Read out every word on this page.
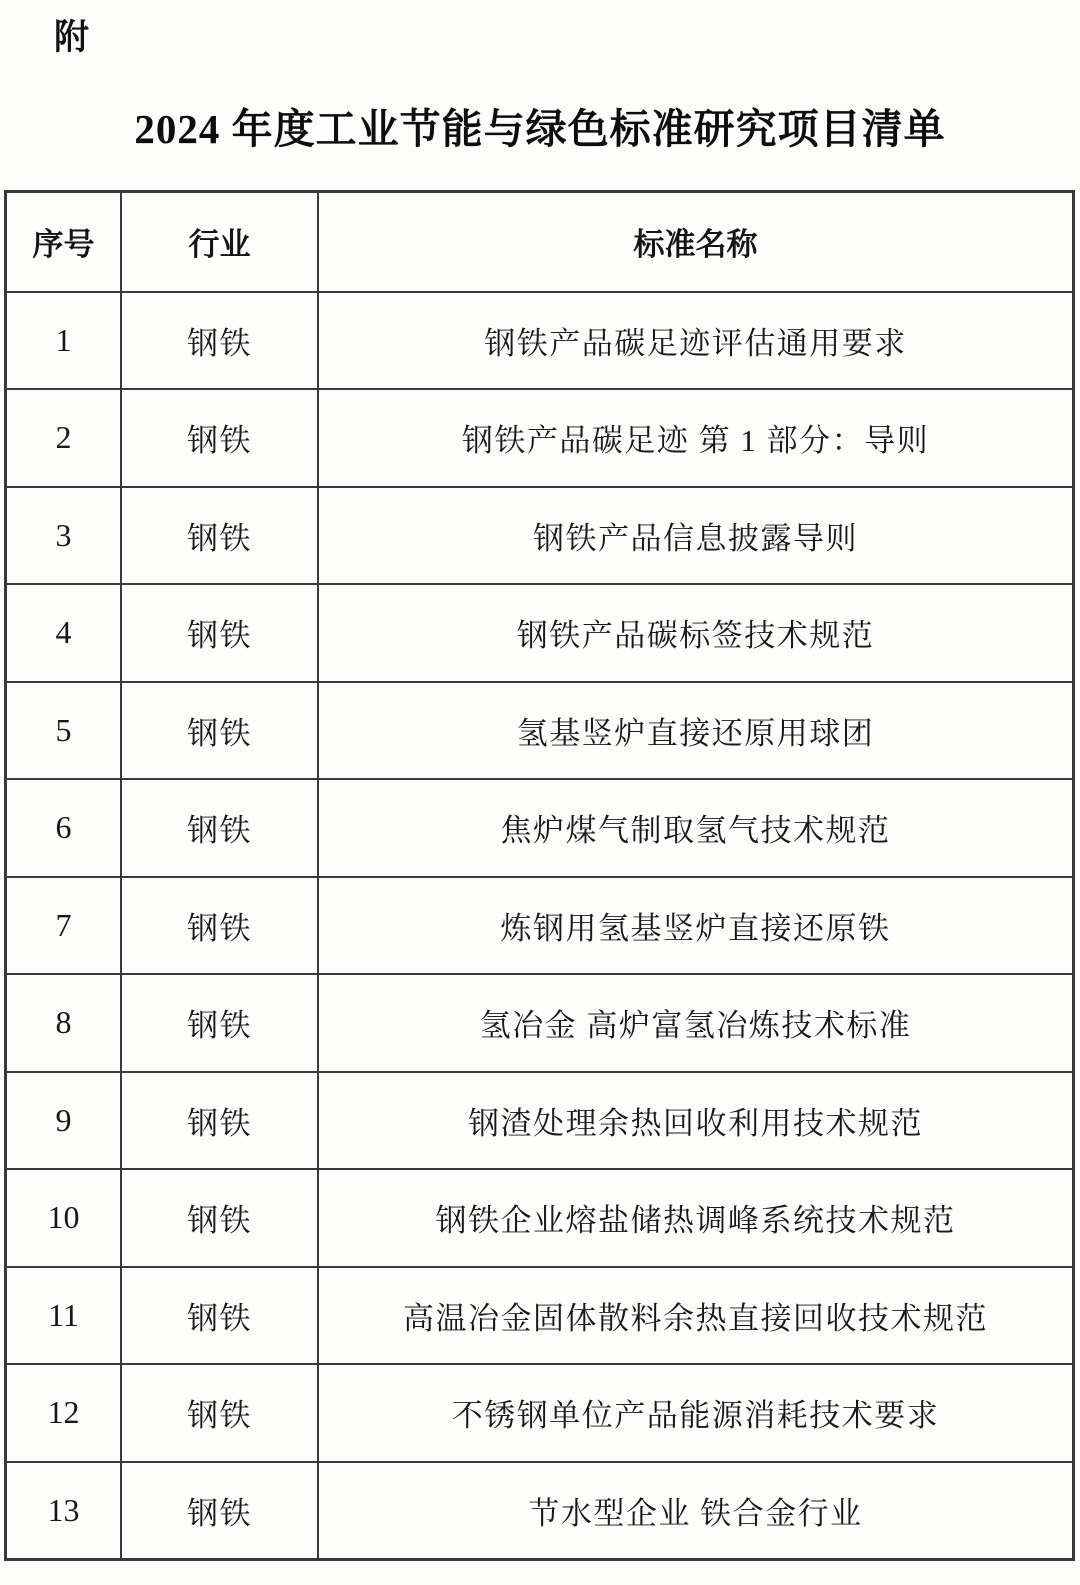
附
2024 年度工业节能与绿色标准研究项目清单
序号	行业	标准名称
1	钢铁	钢铁产品碳足迹评估通用要求
2	钢铁	钢铁产品碳足迹 第 1 部分：导则
3	钢铁	钢铁产品信息披露导则
4	钢铁	钢铁产品碳标签技术规范
5	钢铁	氢基竖炉直接还原用球团
6	钢铁	焦炉煤气制取氢气技术规范
7	钢铁	炼钢用氢基竖炉直接还原铁
8	钢铁	氢冶金 高炉富氢冶炼技术标准
9	钢铁	钢渣处理余热回收利用技术规范
10	钢铁	钢铁企业熔盐储热调峰系统技术规范
11	钢铁	高温冶金固体散料余热直接回收技术规范
12	钢铁	不锈钢单位产品能源消耗技术要求
13	钢铁	节水型企业 铁合金行业
